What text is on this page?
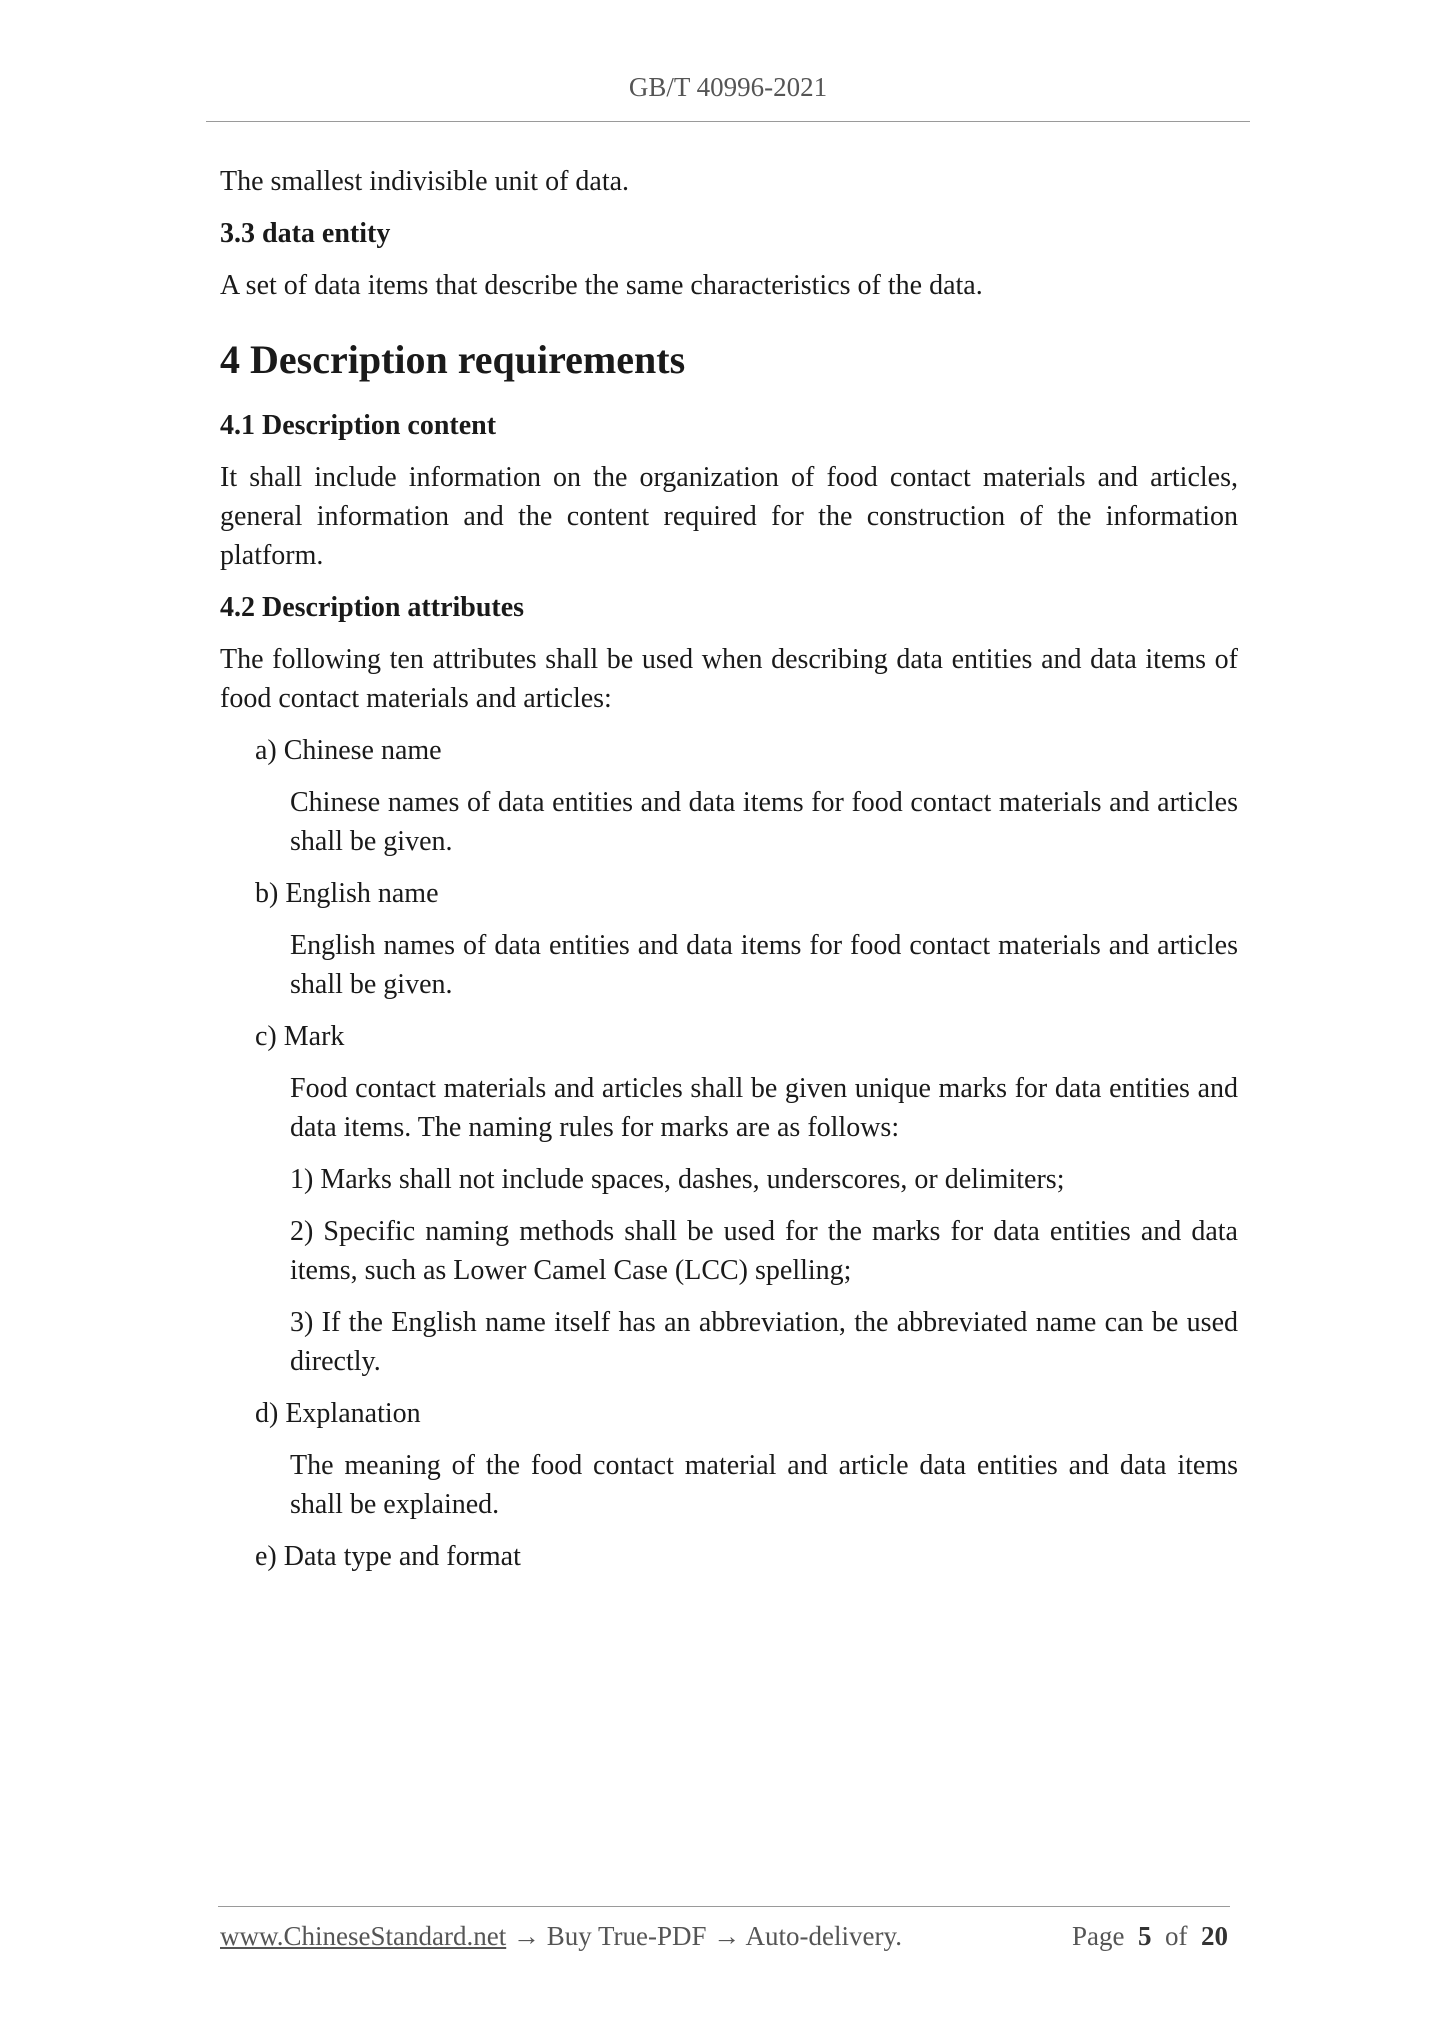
GB/T 40996-2021

The smallest indivisible unit of data.

3.3 data entity

A set of data items that describe the same characteristics of the data.

4 Description requirements

4.1 Description content

It shall include information on the organization of food contact materials and articles, general information and the content required for the construction of the information platform.

4.2 Description attributes

The following ten attributes shall be used when describing data entities and data items of food contact materials and articles:

a) Chinese name

Chinese names of data entities and data items for food contact materials and articles shall be given.

b) English name

English names of data entities and data items for food contact materials and articles shall be given.

c) Mark

Food contact materials and articles shall be given unique marks for data entities and data items. The naming rules for marks are as follows:

1) Marks shall not include spaces, dashes, underscores, or delimiters;

2) Specific naming methods shall be used for the marks for data entities and data items, such as Lower Camel Case (LCC) spelling;

3) If the English name itself has an abbreviation, the abbreviated name can be used directly.

d) Explanation

The meaning of the food contact material and article data entities and data items shall be explained.

e) Data type and format

www.ChineseStandard.net → Buy True-PDF → Auto-delivery.	Page 5 of 20
